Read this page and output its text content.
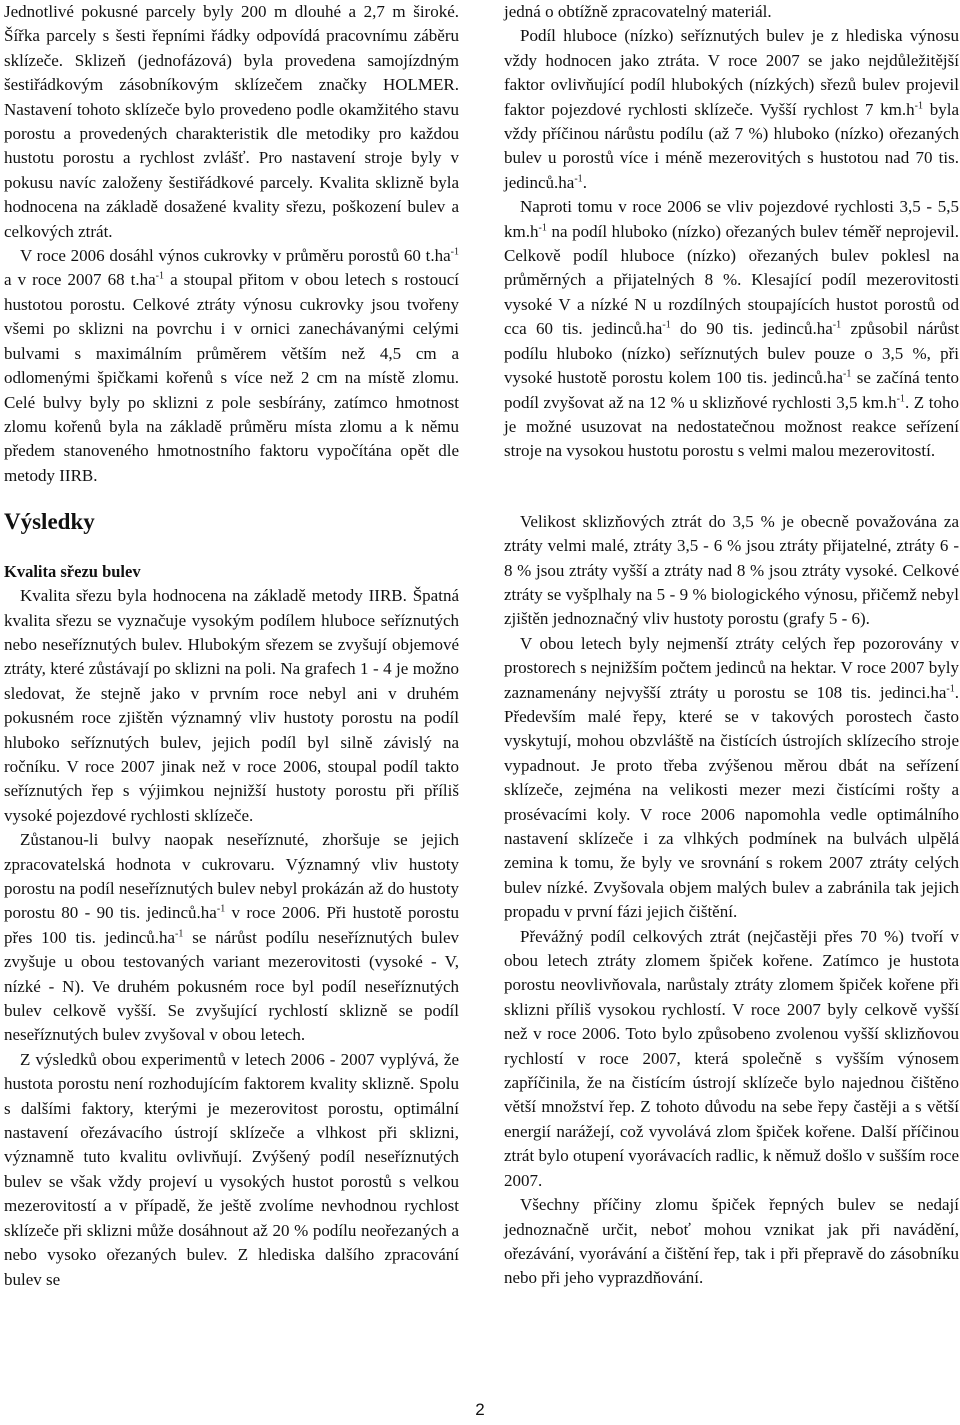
Jednotlivé pokusné parcely byly 200 m dlouhé a 2,7 m široké. Šířka parcely s šesti řepními řádky odpovídá pracovnímu záběru sklízeče. Sklizeň (jednofázová) byla provedena samojízdným šestiřádkovým zásobníkovým sklízečem značky HOLMER. Nastavení tohoto sklízeče bylo provedeno podle okamžitého stavu porostu a provedených charakteristik dle metodiky pro každou hustotu porostu a rychlost zvlášť. Pro nastavení stroje byly v pokusu navíc založeny šestiřádkové parcely. Kvalita sklizně byla hodnocena na základě dosažené kvality sřezu, poškození bulev a celkových ztrát.

V roce 2006 dosáhl výnos cukrovky v průměru porostů 60 $t.ha^{-1}$ a v roce 2007 68 $t.ha^{-1}$ a stoupal přitom v obou letech s rostoucí hustotou porostu. Celkové ztráty výnosu cukrovky jsou tvořeny všemi po sklizni na povrchu i v ornici zanechávanými celými bulvami s maximálním průměrem větším než 4,5 cm a odlomenými špičkami kořenů s více než 2 cm na místě zlomu. Celé bulvy byly po sklizni z pole sesbírány, zatímco hmotnost zlomu kořenů byla na základě průměru místa zlomu a k němu předem stanoveného hmotnostního faktoru vypočítána opět dle metody IIRB.

Výsledky
Kvalita sřezu bulev

Kvalita sřezu byla hodnocena na základě metody IIRB. Špatná kvalita sřezu se vyznačuje vysokým podílem hluboce seříznutých nebo neseříznutých bulev. Hlubokým sřezem se zvyšují objemové ztráty, které zůstávají po sklizni na poli. Na grafech 1 - 4 je možno sledovat, že stejně jako v prvním roce nebyl ani v druhém pokusném roce zjištěn významný vliv hustoty porostu na podíl hluboko seříznutých bulev, jejich podíl byl silně závislý na ročníku. V roce 2007 jinak než v roce 2006, stoupal podíl takto seříznutých řep s výjimkou nejnižší hustoty porostu při příliš vysoké pojezdové rychlosti sklízeče.

Zůstanou-li bulvy naopak neseříznuté, zhoršuje se jejich zpracovatelská hodnota v cukrovaru. Významný vliv hustoty porostu na podíl neseříznutých bulev nebyl prokázán až do hustoty porostu 80 - 90 tis. $jedinců.ha^{-1}$ v roce 2006. Při hustotě porostu přes 100 tis. $jedinců.ha^{-1}$ se nárůst podílu neseříznutých bulev zvyšuje u obou testovaných variant mezerovitosti (vysoké - V, nízké - N). Ve druhém pokusném roce byl podíl neseříznutých bulev celkově vyšší. Se zvyšující rychlostí sklizně se podíl neseříznutých bulev zvyšoval v obou letech.

Z výsledků obou experimentů v letech 2006 - 2007 vyplývá, že hustota porostu není rozhodujícím faktorem kvality sklizně. Spolu s dalšími faktory, kterými je mezerovitost porostu, optimální nastavení ořezávacího ústrojí sklízeče a vlhkost při sklizni, významně tuto kvalitu ovlivňují. Zvýšený podíl neseříznutých bulev se však vždy projeví u vysokých hustot porostů s velkou mezerovitostí a v případě, že ještě zvolíme nevhodnou rychlost sklízeče při sklizni může dosáhnout až 20 % podílu neořezaných a nebo vysoko ořezaných bulev. Z hlediska dalšího zpracování bulev se

jedná o obtížně zpracovatelný materiál.

Podíl hluboce (nízko) seříznutých bulev je z hlediska výnosu vždy hodnocen jako ztráta. V roce 2007 se jako nejdůležitější faktor ovlivňující podíl hlubokých (nízkých) sřezů bulev projevil faktor pojezdové rychlosti sklízeče. Vyšší rychlost 7 $km.h^{-1}$ byla vždy příčinou nárůstu podílu (až 7 %) hluboko (nízko) ořezaných bulev u porostů více i méně mezerovitých s hustotou nad 70 tis. $jedinců.ha^{-1}$.

Naproti tomu v roce 2006 se vliv pojezdové rychlosti 3,5 - 5,5 $km.h^{-1}$ na podíl hluboko (nízko) ořezaných bulev téměř neprojevil. Celkově podíl hluboce (nízko) ořezaných bulev poklesl na průměrných a přijatelných 8 %. Klesající podíl mezerovitosti vysoké V a nízké N u rozdílných stoupajících hustot porostů od cca 60 tis. $jedinců.ha^{-1}$ do 90 tis. $jedinců.ha^{-1}$ způsobil nárůst podílu hluboko (nízko) seříznutých bulev pouze o 3,5 %, při vysoké hustotě porostu kolem 100 tis. $jedinců.ha^{-1}$ se začíná tento podíl zvyšovat až na 12 % u sklizňové rychlosti 3,5 $km.h^{-1}$. Z toho je možné usuzovat na nedostatečnou možnost reakce seřízení stroje na vysokou hustotu porostu s velmi malou mezerovitostí.

Velikost sklizňových ztrát do 3,5 % je obecně považována za ztráty velmi malé, ztráty 3,5 - 6 % jsou ztráty přijatelné, ztráty 6 - 8 % jsou ztráty vyšší a ztráty nad 8 % jsou ztráty vysoké. Celkové ztráty se vyšplhaly na 5 - 9 % biologického výnosu, přičemž nebyl zjištěn jednoznačný vliv hustoty porostu (grafy 5 - 6).

V obou letech byly nejmenší ztráty celých řep pozorovány v prostorech s nejnižším počtem jedinců na hektar. V roce 2007 byly zaznamenány nejvyšší ztráty u porostu se 108 tis. $jedinci.ha^{-1}$. Především malé řepy, které se v takových porostech často vyskytují, mohou obzvláště na čistících ústrojích sklízecího stroje vypadnout. Je proto třeba zvýšenou měrou dbát na seřízení sklízeče, zejména na velikosti mezer mezi čistícími rošty a prosévacími koly. V roce 2006 napomohla vedle optimálního nastavení sklízeče i za vlhkých podmínek na bulvách ulpělá zemina k tomu, že byly ve srovnání s rokem 2007 ztráty celých bulev nízké. Zvyšovala objem malých bulev a zabránila tak jejich propadu v první fázi jejich čištění.

Převážný podíl celkových ztrát (nejčastěji přes 70 %) tvoří v obou letech ztráty zlomem špiček kořene. Zatímco je hustota porostu neovlivňovala, narůstaly ztráty zlomem špiček kořene při sklizni příliš vysokou rychlostí. V roce 2007 byly celkově vyšší než v roce 2006. Toto bylo způsobeno zvolenou vyšší sklizňovou rychlostí v roce 2007, která společně s vyšším výnosem zapříčinila, že na čistícím ústrojí sklízeče bylo najednou čištěno větší množství řep. Z tohoto důvodu na sebe řepy častěji a s větší energií narážejí, což vyvolává zlom špiček kořene. Další příčinou ztrát bylo otupení vyorávacích radlic, k němuž došlo v sušším roce 2007.

Všechny příčiny zlomu špiček řepných bulev se nedají jednoznačně určit, neboť mohou vznikat jak při navádění, ořezávání, vyorávání a čištění řep, tak i při přepravě do zásobníku nebo při jeho vyprazdňování.

2
